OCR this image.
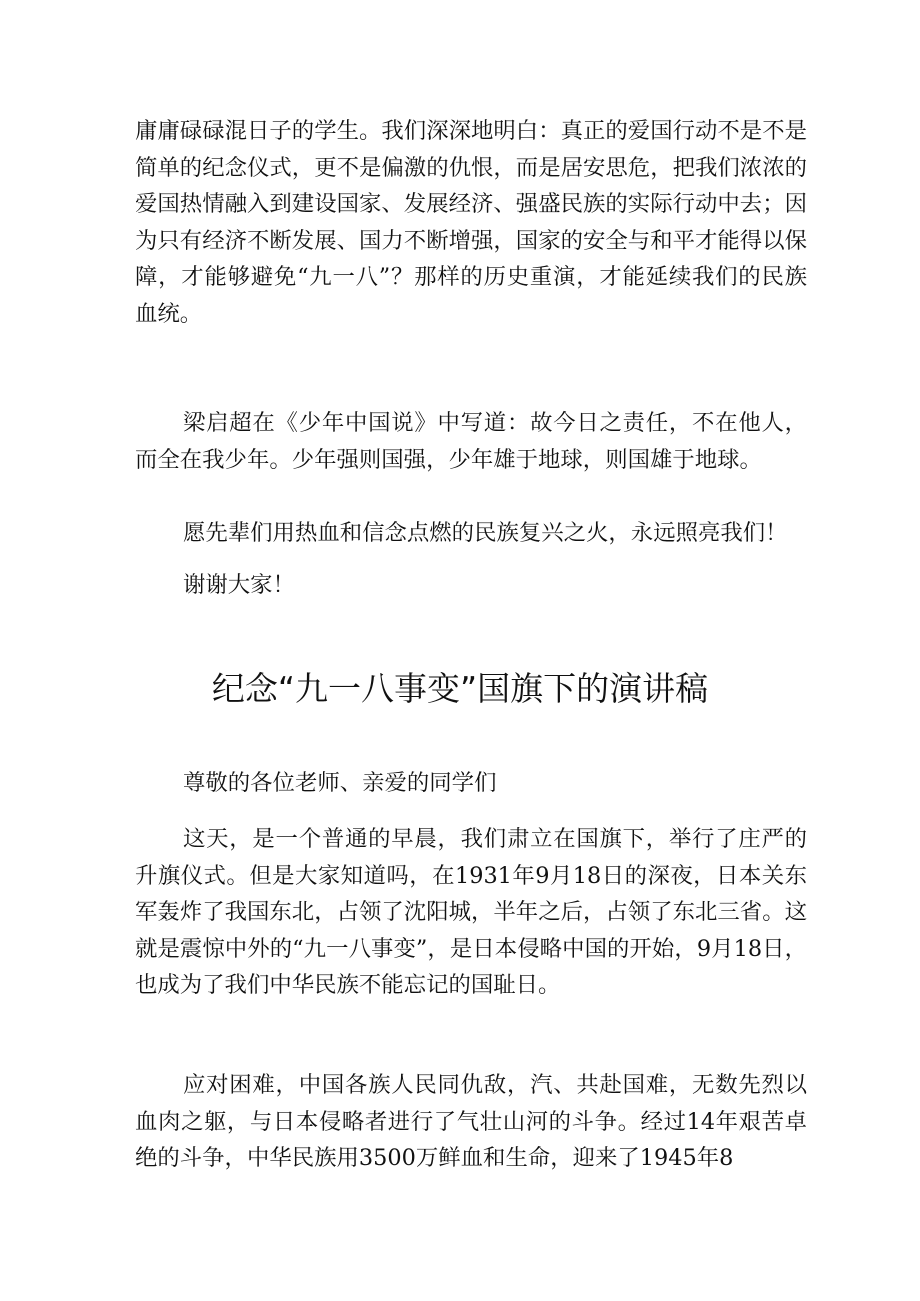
庸庸碌碌混日子的学生。我们深深地明白：真正的爱国行动不是不是简单的纪念仪式，更不是偏激的仇恨，而是居安思危，把我们浓浓的爱国热情融入到建设国家、发展经济、强盛民族的实际行动中去；因为只有经济不断发展、国力不断增强，国家的安全与和平才能得以保障，才能够避免“九一八”？那样的历史重演，才能延续我们的民族血统。

梁启超在《少年中国说》中写道：故今日之责任，不在他人，而全在我少年。少年强则国强，少年雄于地球，则国雄于地球。

愿先辈们用热血和信念点燃的民族复兴之火，永远照亮我们！

谢谢大家！

纪念“九一八事变”国旗下的演讲稿

尊敬的各位老师、亲爱的同学们

这天，是一个普通的早晨，我们肃立在国旗下，举行了庄严的升旗仪式。但是大家知道吗，在1931年9月18日的深夜，日本关东军轰炸了我国东北，占领了沈阳城，半年之后，占领了东北三省。这就是震惊中外的“九一八事变”，是日本侵略中国的开始，9月18日，也成为了我们中华民族不能忘记的国耻日。

应对困难，中国各族人民同仇敌，汽、共赴国难，无数先烈以血肉之躯，与日本侵略者进行了气壮山河的斗争。经过14年艰苦卓绝的斗争，中华民族用3500万鲜血和生命，迎来了1945年8
